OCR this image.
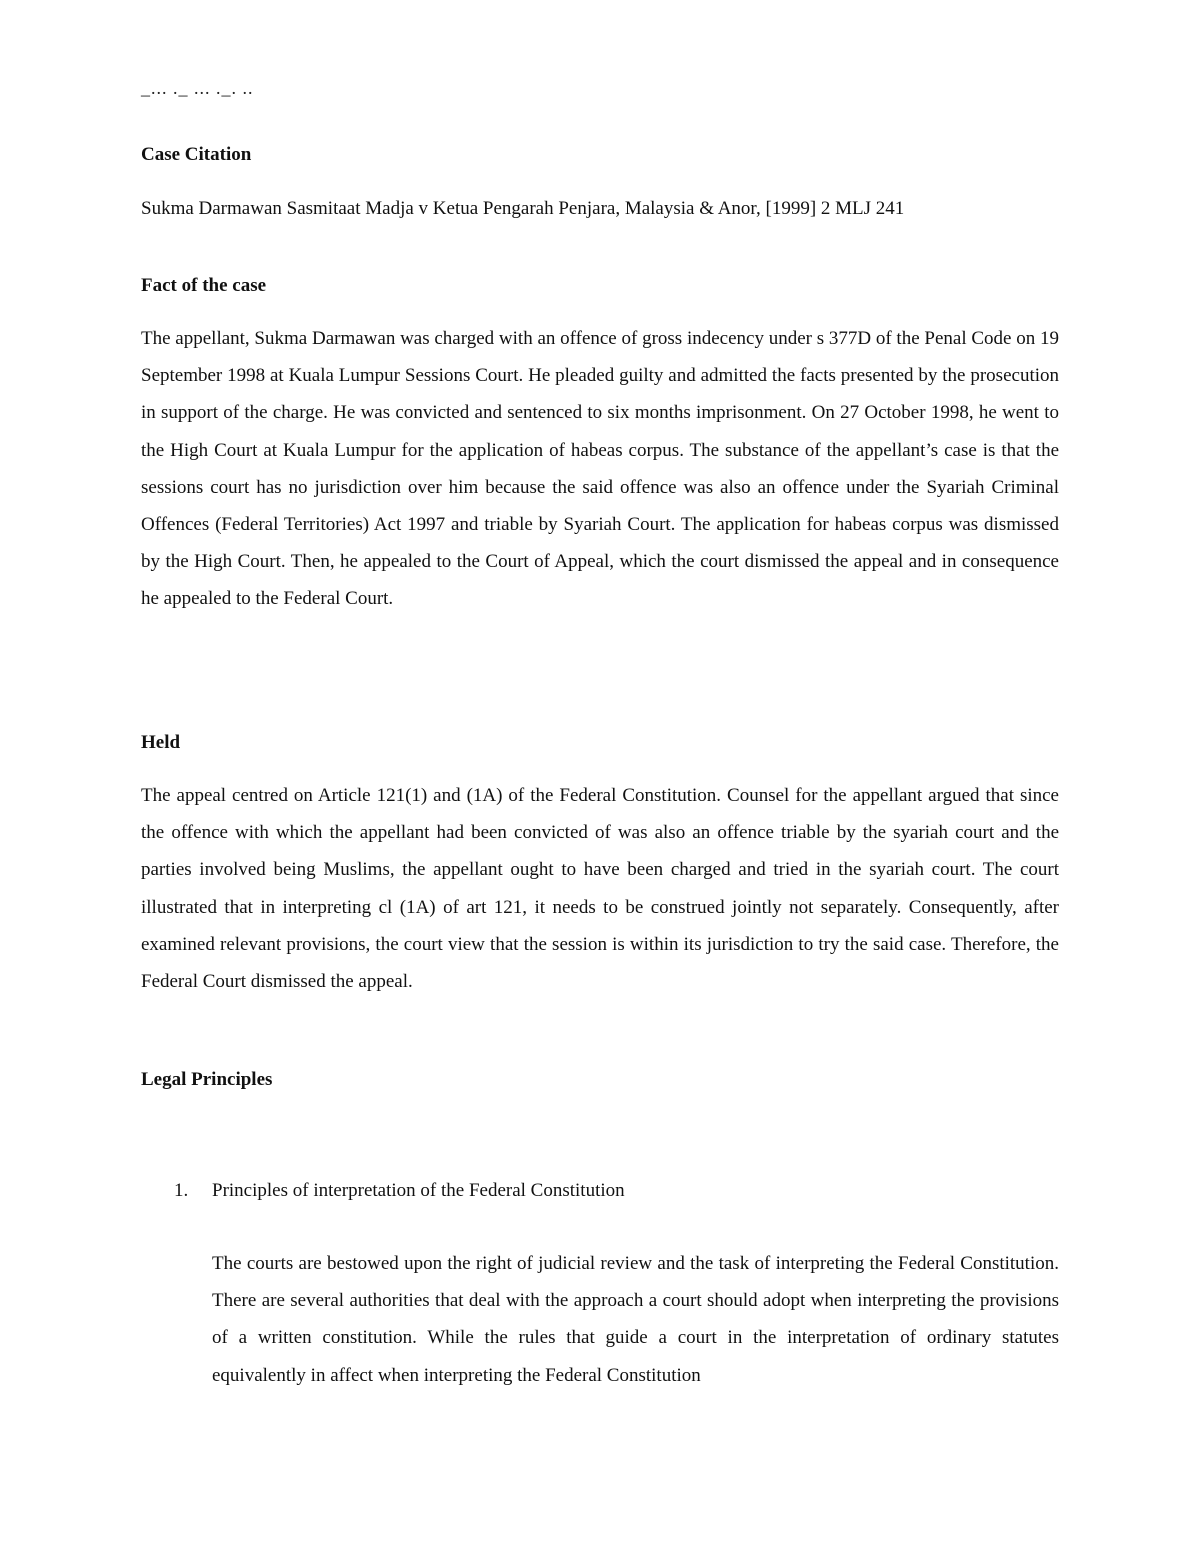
_... ._ ... ._. ..
Case Citation
Sukma Darmawan Sasmitaat Madja v Ketua Pengarah Penjara, Malaysia & Anor, [1999] 2 MLJ 241
Fact of the case
The appellant, Sukma Darmawan was charged with an offence of gross indecency under s 377D of the Penal Code on 19 September 1998 at Kuala Lumpur Sessions Court. He pleaded guilty and admitted the facts presented by the prosecution in support of the charge. He was convicted and sentenced to six months imprisonment. On 27 October 1998, he went to the High Court at Kuala Lumpur for the application of habeas corpus. The substance of the appellant’s case is that the sessions court has no jurisdiction over him because the said offence was also an offence under the Syariah Criminal Offences (Federal Territories) Act 1997 and triable by Syariah Court. The application for habeas corpus was dismissed by the High Court. Then, he appealed to the Court of Appeal, which the court dismissed the appeal and in consequence he appealed to the Federal Court.
Held
The appeal centred on Article 121(1) and (1A) of the Federal Constitution. Counsel for the appellant argued that since the offence with which the appellant had been convicted of was also an offence triable by the syariah court and the parties involved being Muslims, the appellant ought to have been charged and tried in the syariah court. The court illustrated that in interpreting cl (1A) of art 121, it needs to be construed jointly not separately. Consequently, after examined relevant provisions, the court view that the session is within its jurisdiction to try the said case. Therefore, the Federal Court dismissed the appeal.
Legal Principles
1. Principles of interpretation of the Federal Constitution
The courts are bestowed upon the right of judicial review and the task of interpreting the Federal Constitution. There are several authorities that deal with the approach a court should adopt when interpreting the provisions of a written constitution. While the rules that guide a court in the interpretation of ordinary statutes equivalently in affect when interpreting the Federal Constitution
